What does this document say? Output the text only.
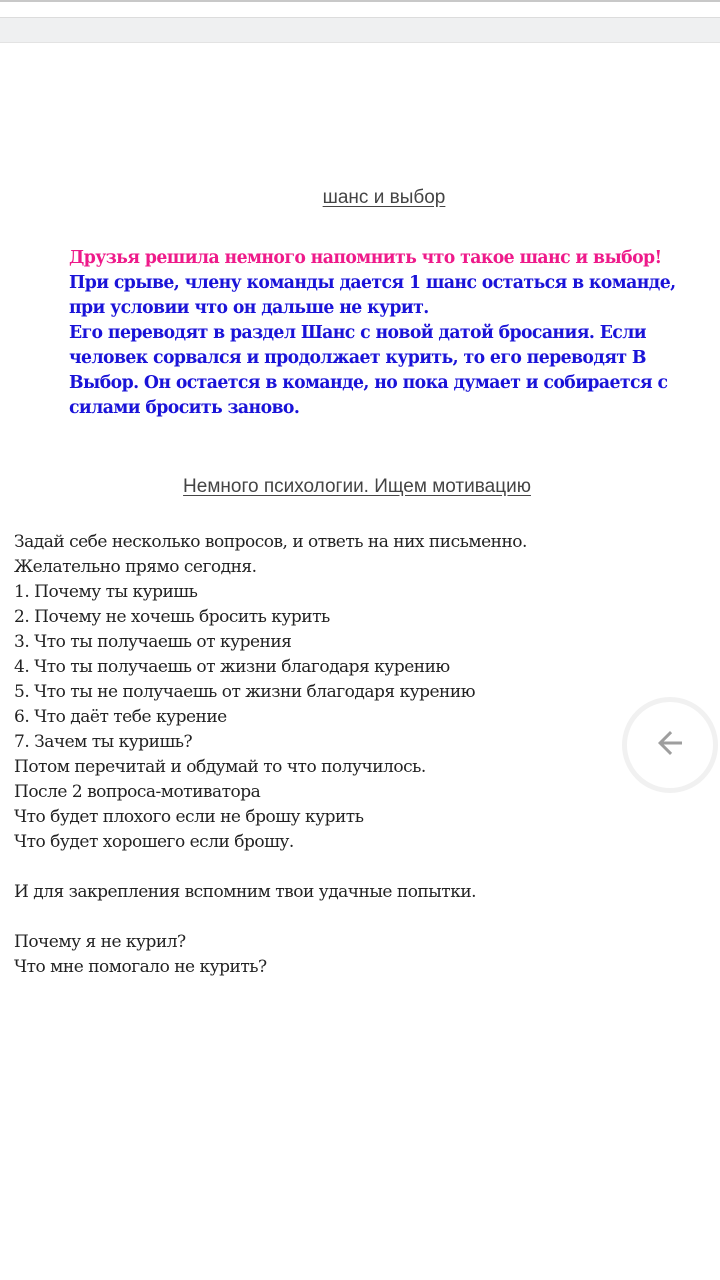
шанс и выбор
Друзья решила немного напомнить что такое шанс и выбор!
При срыве, члену команды дается 1 шанс остаться в команде,
при условии что он дальше не курит.
Его переводят в раздел Шанс с новой датой бросания. Если
человек сорвался и продолжает курить, то его переводят В
Выбор. Он остается в команде, но пока думает и собирается с
силами бросить заново.
Немного психологии. Ищем мотивацию
Задай себе несколько вопросов, и ответь на них письменно.
Желательно прямо сегодня.
1. Почему ты куришь
2. Почему не хочешь бросить курить
3. Что ты получаешь от курения
4. Что ты получаешь от жизни благодаря курению
5. Что ты не получаешь от жизни благодаря курению
6. Что даёт тебе курение
7. Зачем ты куришь?
Потом перечитай и обдумай то что получилось.
После 2 вопроса-мотиватора
Что будет плохого если не брошу курить
Что будет хорошего если брошу.
И для закрепления вспомним твои удачные попытки.
Почему я не курил?
Что мне помогало не курить?
